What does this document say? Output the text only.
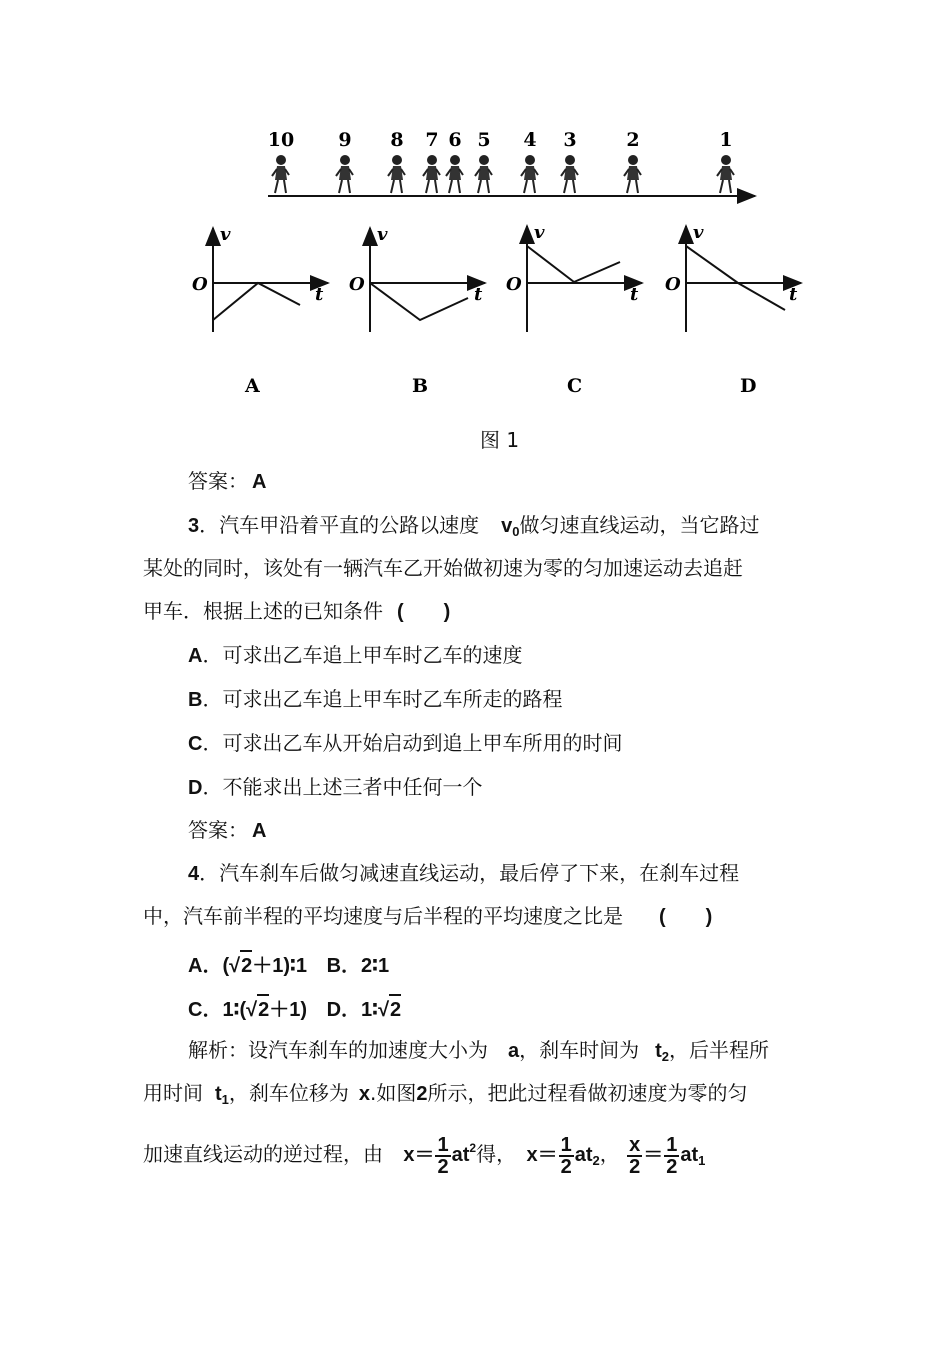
10 9 8 7 6 5 4 3	2	1
v
O	t
A
v
O	t
B
v
O	t
C
v
O	t
D
图 1
答案： A
3．汽车甲沿着平直的公路以速度 $v_0$做匀速直线运动，当它路过
某处的同时，该处有一辆汽车乙开始做初速为零的匀加速运动去追赶
甲车．根据上述的已知条件 (　　)
A．可求出乙车追上甲车时乙车的速度
B．可求出乙车追上甲车时乙车所走的路程
C．可求出乙车从开始启动到追上甲车所用的时间
D．不能求出上述三者中任何一个
答案： A
4．汽车刹车后做匀减速直线运动，最后停了下来，在刹车过程
中，汽车前半程的平均速度与后半程的平均速度之比是 (　　)
A．(√2＋1)∶1 B．2∶1
C．1∶(√2＋1) D．1∶√2
解析：设汽车刹车的加速度大小为 a，刹车时间为 $t_2$，后半程所
用时间 $t_1$，刹车位移为 x.如图2所示，把此过程看做初速度为零的匀
加速直线运动的逆过程，由 $x= \frac{1}{2} at^2$得， $x= \frac{1}{2} at_2$， $\frac{x}{2} = \frac{1}{2} at_1$
